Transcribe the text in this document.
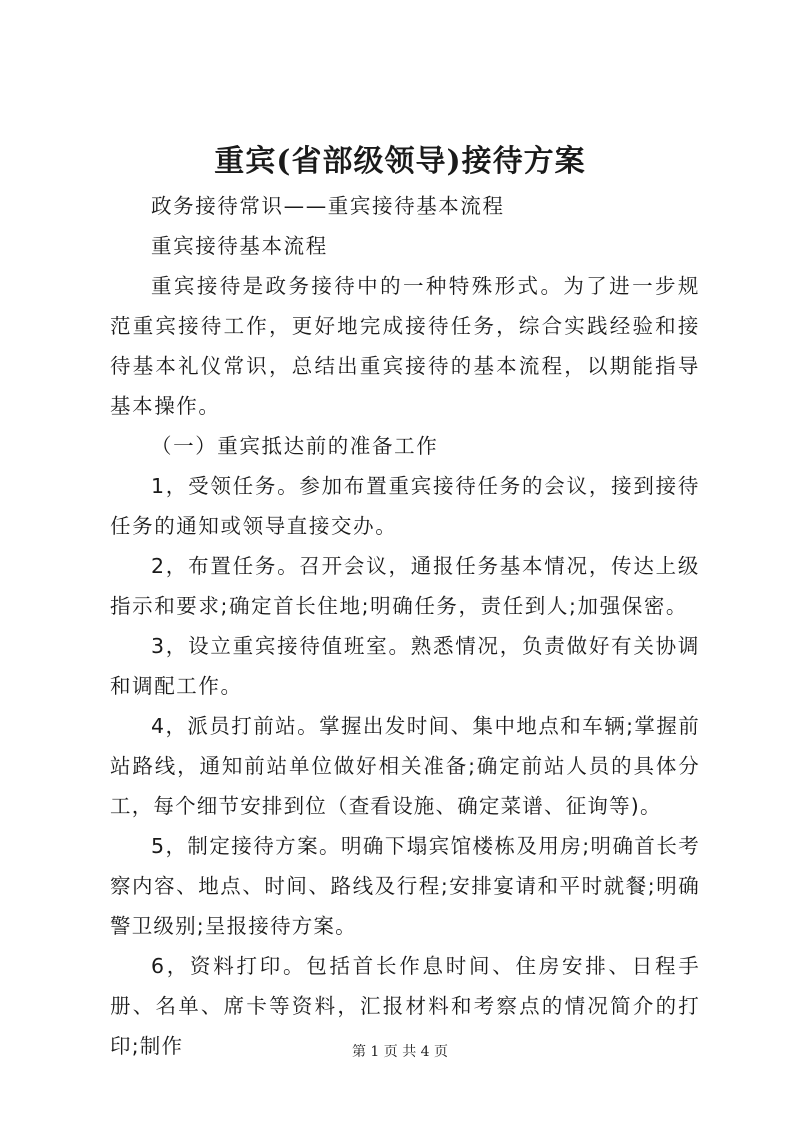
重宾(省部级领导)接待方案

政务接待常识——重宾接待基本流程

重宾接待基本流程

重宾接待是政务接待中的一种特殊形式。为了进一步规范重宾接待工作，更好地完成接待任务，综合实践经验和接待基本礼仪常识，总结出重宾接待的基本流程，以期能指导基本操作。

（一）重宾抵达前的准备工作

1，受领任务。参加布置重宾接待任务的会议，接到接待任务的通知或领导直接交办。

2，布置任务。召开会议，通报任务基本情况，传达上级指示和要求;确定首长住地;明确任务，责任到人;加强保密。

3，设立重宾接待值班室。熟悉情况，负责做好有关协调和调配工作。

4，派员打前站。掌握出发时间、集中地点和车辆;掌握前站路线，通知前站单位做好相关准备;确定前站人员的具体分工，每个细节安排到位（查看设施、确定菜谱、征询等)。

5，制定接待方案。明确下塌宾馆楼栋及用房;明确首长考察内容、地点、时间、路线及行程;安排宴请和平时就餐;明确警卫级别;呈报接待方案。

6，资料打印。包括首长作息时间、住房安排、日程手册、名单、席卡等资料，汇报材料和考察点的情况简介的打印;制作	第 1 页 共 4 页
